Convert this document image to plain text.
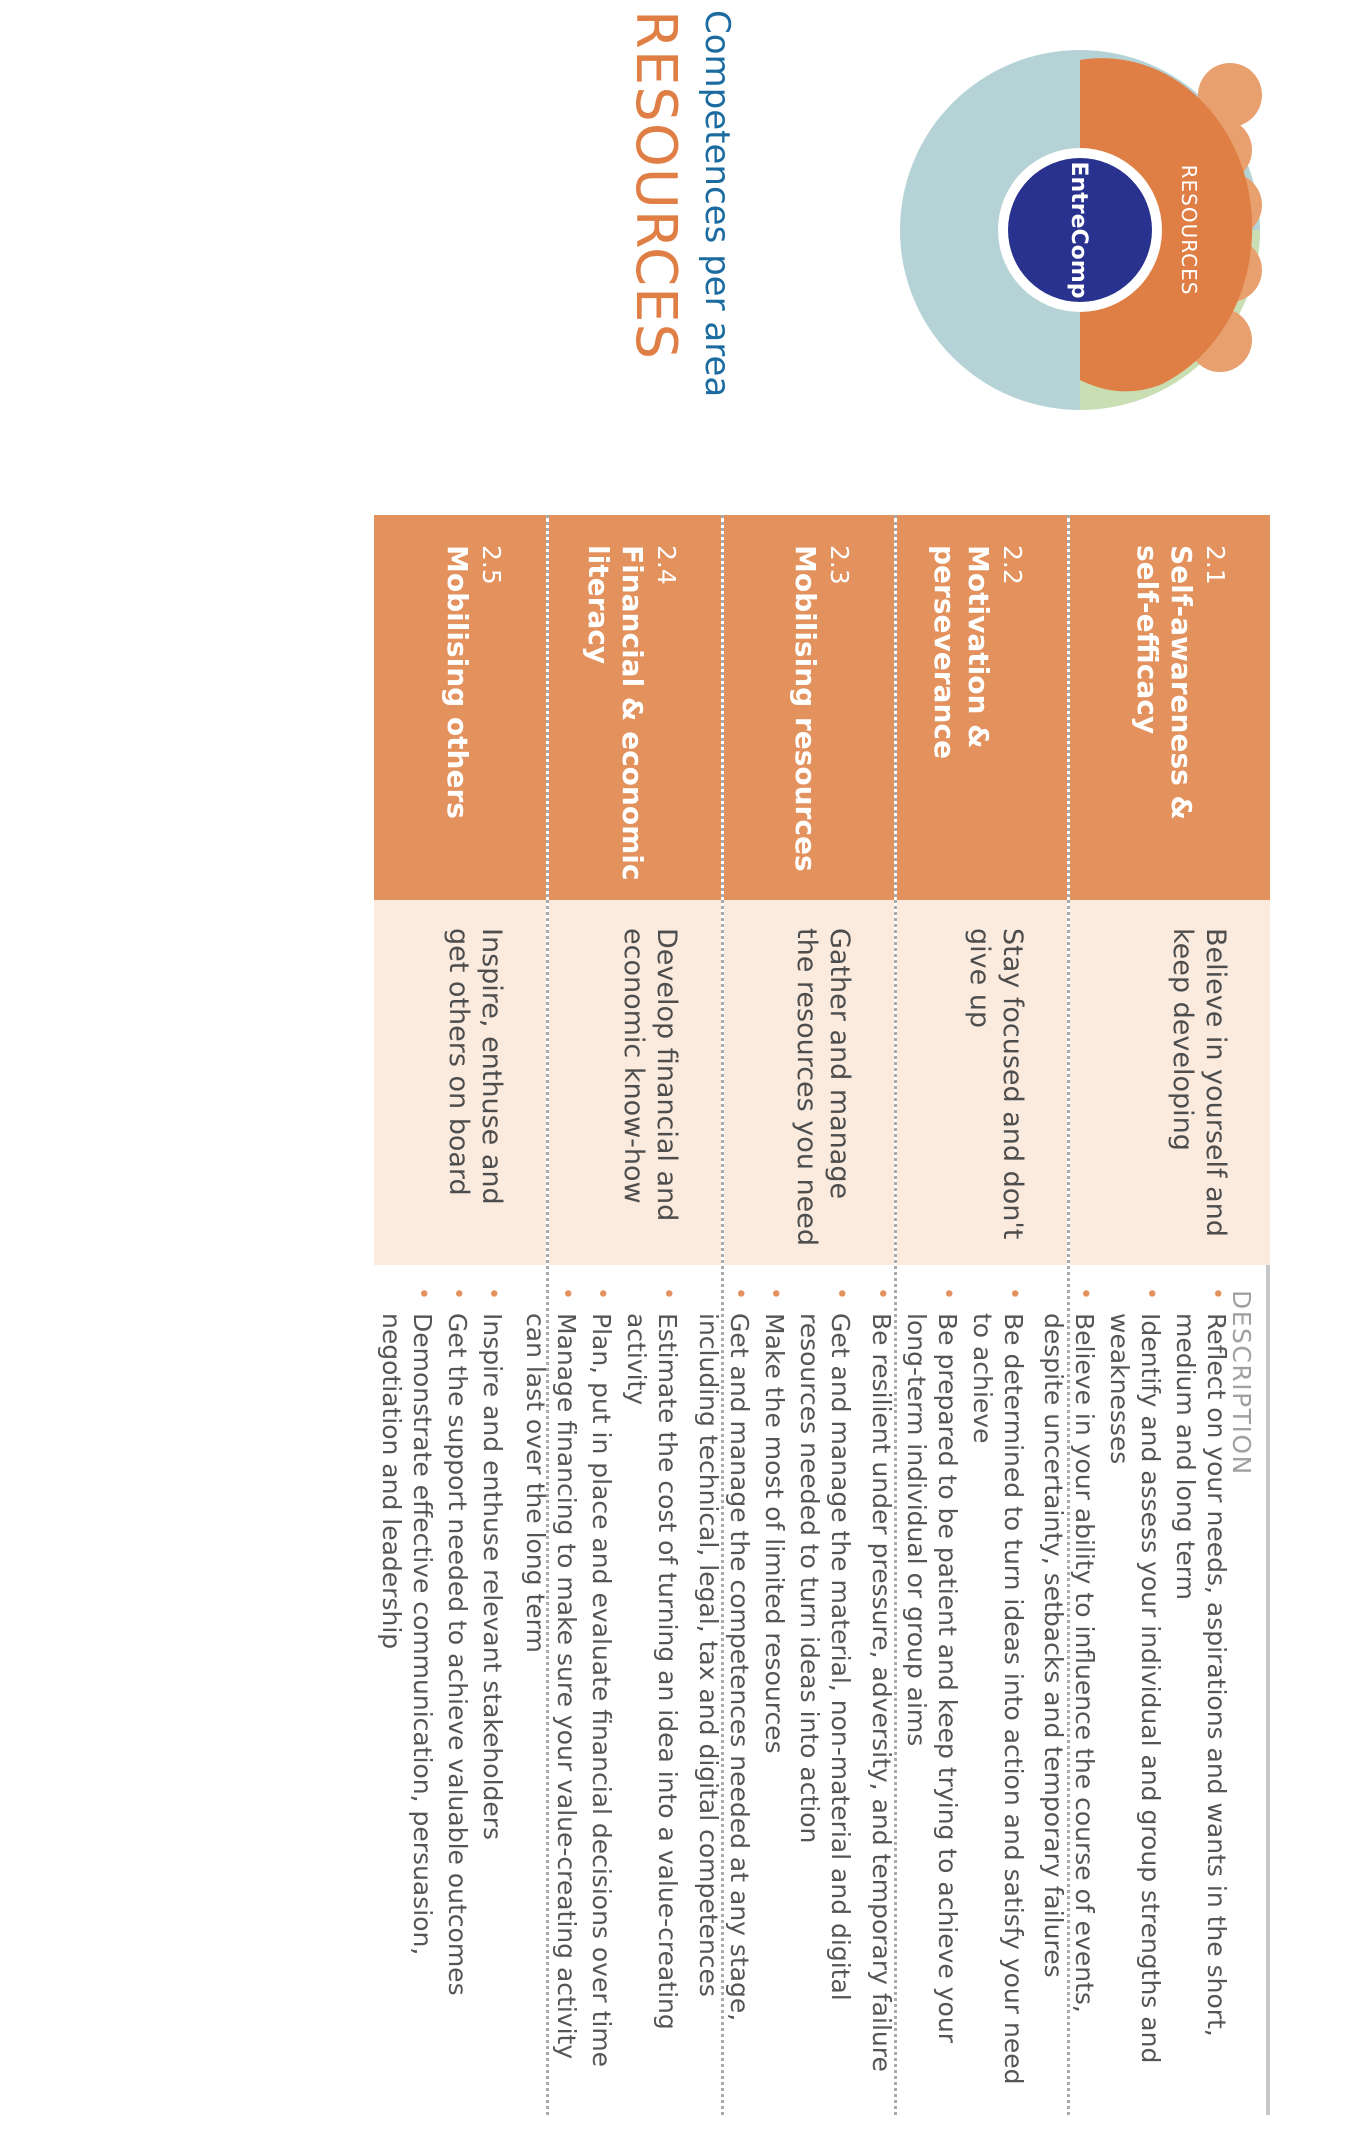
EntreComp	RESOURCES
Competences per area
RESOURCES
DESCRIPTION
2.1
Self-awareness & self-efficacy
Believe in yourself and keep developing
•
Reflect on your needs, aspirations and wants in the short, medium and long term
•
Identify and assess your individual and group strengths and weaknesses
•
Believe in your ability to influence the course of events, despite uncertainty, setbacks and temporary failures
2.2
Motivation & perseverance
Stay focused and don't give up
•
Be determined to turn ideas into action and satisfy your need to achieve
•
Be prepared to be patient and keep trying to achieve your long-term individual or group aims
•
Be resilient under pressure, adversity, and temporary failure
2.3
Mobilising resources
Gather and manage the resources you need
•
Get and manage the material, non-material and digital resources needed to turn ideas into action
•
Make the most of limited resources
•
Get and manage the competences needed at any stage, including technical, legal, tax and digital competences
2.4
Financial & economic literacy
Develop financial and economic know-how
•
Estimate the cost of turning an idea into a value-creating activity
•
Plan, put in place and evaluate financial decisions over time
•
Manage financing to make sure your value-creating activity can last over the long term
2.5
Mobilising others
Inspire, enthuse and get others on board
•
Inspire and enthuse relevant stakeholders
•
Get the support needed to achieve valuable outcomes
•
Demonstrate effective communication, persuasion, negotiation and leadership
